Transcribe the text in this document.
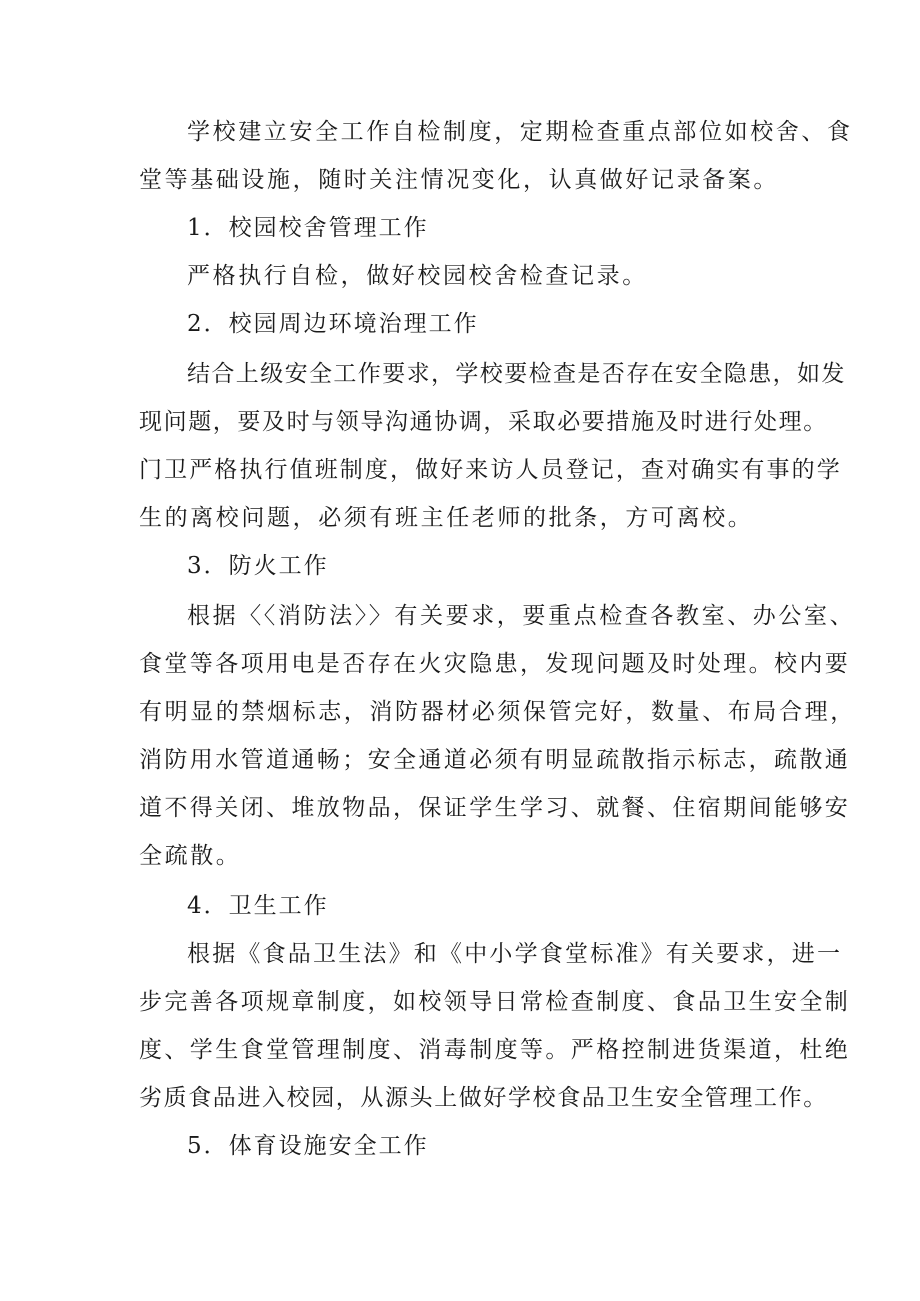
学校建立安全工作自检制度，定期检查重点部位如校舍、食
堂等基础设施，随时关注情况变化，认真做好记录备案。
1．校园校舍管理工作
严格执行自检，做好校园校舍检查记录。
2．校园周边环境治理工作
结合上级安全工作要求，学校要检查是否存在安全隐患，如发
现问题，要及时与领导沟通协调，采取必要措施及时进行处理。
门卫严格执行值班制度，做好来访人员登记，查对确实有事的学
生的离校问题，必须有班主任老师的批条，方可离校。
3．防火工作
根据〈〈消防法〉〉有关要求，要重点检查各教室、办公室、
食堂等各项用电是否存在火灾隐患，发现问题及时处理。校内要
有明显的禁烟标志，消防器材必须保管完好，数量、布局合理，
消防用水管道通畅；安全通道必须有明显疏散指示标志，疏散通
道不得关闭、堆放物品，保证学生学习、就餐、住宿期间能够安
全疏散。
4．卫生工作
根据《食品卫生法》和《中小学食堂标准》有关要求，进一
步完善各项规章制度，如校领导日常检查制度、食品卫生安全制
度、学生食堂管理制度、消毒制度等。严格控制进货渠道，杜绝
劣质食品进入校园，从源头上做好学校食品卫生安全管理工作。
5．体育设施安全工作
